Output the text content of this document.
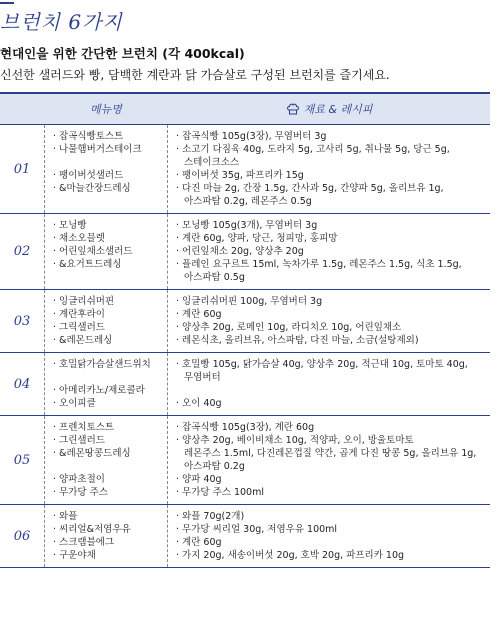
브런치 6가지
현대인을 위한 간단한 브런치 (각 400kcal)
신선한 샐러드와 빵, 담백한 계란과 닭 가슴살로 구성된 브런치를 즐기세요.
메뉴명	재료 & 레시피
01
· 잡곡식빵토스트
· 나물햄버거스테이크
· 팽이버섯샐러드
· &마늘간장드레싱
· 잡곡식빵 105g(3장), 무염버터 3g
· 소고기 다짐육 40g, 도라지 5g, 고사리 5g, 취나물 5g, 당근 5g,
스테이크소스
· 팽이버섯 35g, 파프리카 15g
· 다진 마늘 2g, 간장 1.5g, 간사과 5g, 간양파 5g, 올리브유 1g,
아스파탐 0.2g, 레몬주스 0.5g
02
· 모닝빵
· 채소오믈렛
· 어린잎채소샐러드
· &요거트드레싱
· 모닝빵 105g(3개), 무염버터 3g
· 계란 60g, 양파, 당근, 청피망, 홍피망
· 어린잎채소 20g, 양상추 20g
· 플레인 요구르트 15ml, 녹차가루 1.5g, 레몬주스 1.5g, 식초 1.5g,
아스파탐 0.5g
03
· 잉글리쉬머핀
· 계란후라이
· 그릭샐러드
· &레몬드레싱
· 잉글리쉬머핀 100g, 무염버터 3g
· 계란 60g
· 양상추 20g, 로메인 10g, 라디치오 10g, 어린잎채소
· 레몬식초, 올리브유, 아스파탐, 다진 마늘, 소금(설탕제외)
04
· 호밀닭가슴살샌드위치
· 아메리카노/제로콜라
· 오이피클
· 호밀빵 105g, 닭가슴살 40g, 양상추 20g, 적근대 10g, 토마토 40g,
무염버터
· 오이 40g
05
· 프렌치토스트
· 그린샐러드
· &레몬땅콩드레싱
· 양파초절이
· 무가당 주스
· 잡곡식빵 105g(3장), 계란 60g
· 양상추 20g, 베이비채소 10g, 적양파, 오이, 방울토마토
레몬주스 1.5ml, 다진레몬껍질 약간, 곱게 다진 땅콩 5g, 올리브유 1g,
아스파탐 0.2g
· 양파 40g
· 무가당 주스 100ml
06
· 와플
· 씨리얼&저염우유
· 스크램블에그
· 구운야채
· 와플 70g(2개)
· 무가당 씨리얼 30g, 저염우유 100ml
· 계란 60g
· 가지 20g, 새송이버섯 20g, 호박 20g, 파프리카 10g
